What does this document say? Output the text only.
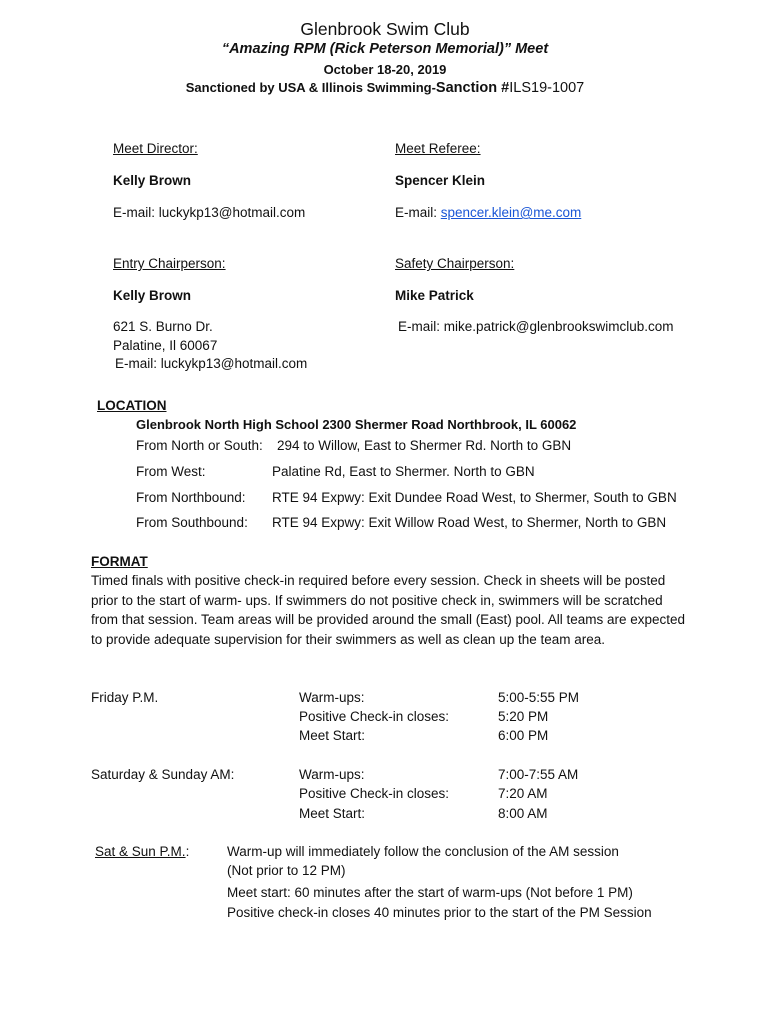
Glenbrook Swim Club
“Amazing RPM (Rick Peterson Memorial)” Meet
October 18-20, 2019
Sanctioned by USA & Illinois Swimming-Sanction #ILS19-1007
Meet Director:
Kelly Brown
E-mail: luckykp13@hotmail.com
Meet Referee:
Spencer Klein
E-mail: spencer.klein@me.com
Entry Chairperson:
Kelly Brown
621 S. Burno Dr.
Palatine, Il 60067
E-mail: luckykp13@hotmail.com
Safety Chairperson:
Mike Patrick
E-mail: mike.patrick@glenbrookswimclub.com
LOCATION
Glenbrook North High School 2300 Shermer Road Northbrook, IL 60062
From North or South: 294 to Willow, East to Shermer Rd. North to GBN
From West:	Palatine Rd, East to Shermer. North to GBN
From Northbound: RTE 94 Expwy: Exit Dundee Road West, to Shermer, South to GBN
From Southbound: RTE 94 Expwy: Exit Willow Road West, to Shermer, North to GBN
FORMAT
Timed finals with positive check-in required before every session. Check in sheets will be posted prior to the start of warm- ups. If swimmers do not positive check in, swimmers will be scratched from that session. Team areas will be provided around the small (East) pool. All teams are expected to provide adequate supervision for their swimmers as well as clean up the team area.
Friday P.M.	Warm-ups:	5:00-5:55 PM
Positive Check-in closes:	5:20 PM
Meet Start:	6:00 PM
Saturday & Sunday AM:	Warm-ups:	7:00-7:55 AM
Positive Check-in closes:	7:20 AM
Meet Start:	8:00 AM
Sat & Sun P.M.:	Warm-up will immediately follow the conclusion of the AM session
(Not prior to 12 PM)
Meet start: 60 minutes after the start of warm-ups (Not before 1 PM)
Positive check-in closes 40 minutes prior to the start of the PM Session
